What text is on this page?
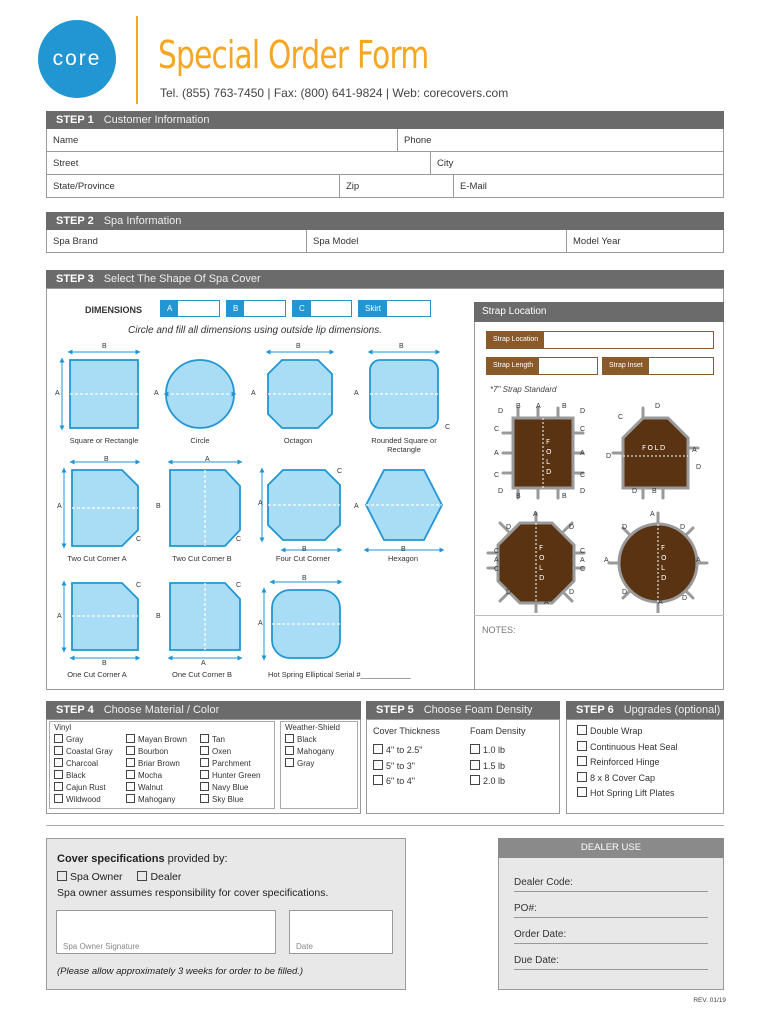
core	Special Order Form
Tel. (855) 763-7450 | Fax: (800) 641-9824 | Web: corecovers.com
STEP 1 Customer Information
Name	Phone
Street	City
State/Province	Zip	E-Mail
STEP 2 Spa Information
Spa Brand	Spa Model	Model Year
STEP 3 Select The Shape Of Spa Cover
DIMENSIONS	A	B	C	Skirt
Circle and fill all dimensions using outside lip dimensions.
B
A	A
B
A
B
A
C
Square or Rectangle	Circle	Octagon	Rounded Square or Rectangle
B	A
A	B	A	A
C	C
C
B	B
Two Cut Corner A	Two Cut Corner B	Four Cut Corner	Hexagon
C	C
B
A	B
A
B	A
One Cut Corner A	One Cut Corner B	Hot Spring Elliptical Serial #____________
Strap Location
Strap Location
Strap Length	Strap Inset
*7" Strap Standard
F
O
L
D
FOLD
F
O
L
D
F
O
L
D
D
B A	B
D
C
A
C
C
A
C
D
B	B
D
C
D
D
A
D
D B
A
D	D
C
A
C
C
A
C
D	D
A
A
D	D
A	A
D
D
A
NOTES:
STEP 4 Choose Material / Color
Vinyl
Gray
Coastal Gray
Charcoal
Black
Cajun Rust
Wildwood
Mayan Brown
Bourbon
Briar Brown
Mocha
Walnut
Mahogany
Tan
Oxen
Parchment
Hunter Green
Navy Blue
Sky Blue
Weather-Shield
Black
Mahogany
Gray
STEP 5 Choose Foam Density
Cover Thickness	Foam Density
4" to 2.5"
5" to 3"
6" to 4"
1.0 lb
1.5 lb
2.0 lb
STEP 6 Upgrades (optional)
Double Wrap
Continuous Heat Seal
Reinforced Hinge
8 x 8 Cover Cap
Hot Spring Lift Plates
Cover specifications provided by:
Spa Owner	Dealer
Spa owner assumes responsibility for cover specifications.
Spa Owner Signature	Date
(Please allow approximately 3 weeks for order to be filled.)
DEALER USE
Dealer Code:
PO#:
Order Date:
Due Date:
REV. 01/19
